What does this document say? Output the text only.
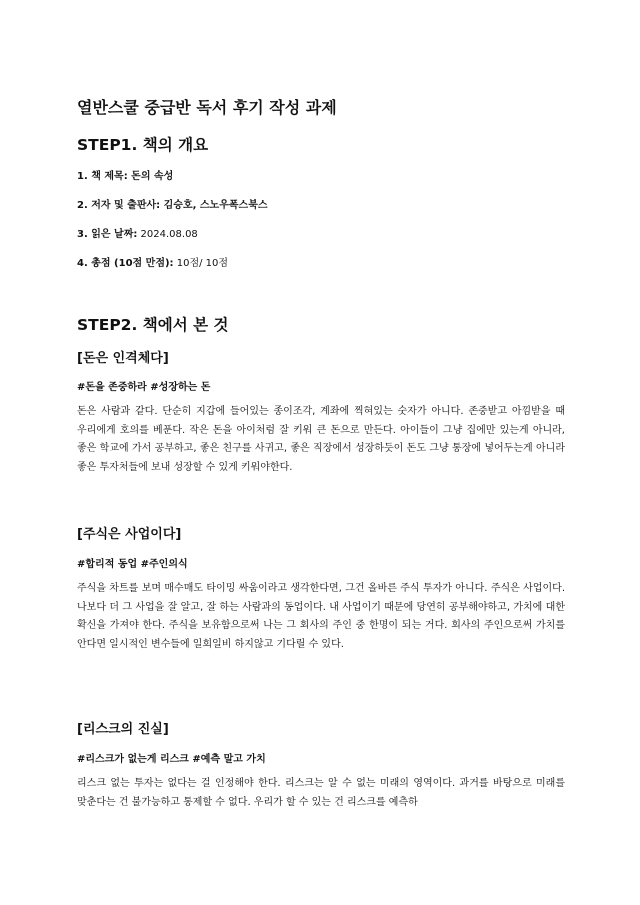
열반스쿨 중급반 독서 후기 작성 과제
STEP1. 책의 개요
1. 책 제목: 돈의 속성
2. 저자 및 출판사: 김승호, 스노우폭스북스
3. 읽은 날짜: 2024.08.08
4. 총점 (10점 만점): 10점/ 10점
STEP2. 책에서 본 것
[돈은 인격체다]
#돈을 존중하라 #성장하는 돈
돈은 사람과 같다. 단순히 지갑에 들어있는 종이조각, 계좌에 찍혀있는 숫자가 아니다. 존중받고 아낌받을 때 우리에게 호의를 베푼다. 작은 돈을 아이처럼 잘 키워 큰 돈으로 만든다. 아이들이 그냥 집에만 있는게 아니라, 좋은 학교에 가서 공부하고, 좋은 친구를 사귀고, 좋은 직장에서 성장하듯이 돈도 그냥 통장에 넣어두는게 아니라 좋은 투자처들에 보내 성장할 수 있게 키워야한다.
[주식은 사업이다]
#합리적 동업 #주인의식
주식을 차트를 보며 매수매도 타이밍 싸움이라고 생각한다면, 그건 올바른 주식 투자가 아니다. 주식은 사업이다. 나보다 더 그 사업을 잘 알고, 잘 하는 사람과의 동업이다. 내 사업이기 때문에 당연히 공부해야하고, 가치에 대한 확신을 가져야 한다. 주식을 보유함으로써 나는 그 회사의 주인 중 한명이 되는 거다. 회사의 주인으로써 가치를 안다면 일시적인 변수들에 일희일비 하지않고 기다릴 수 있다.
[리스크의 진실]
#리스크가 없는게 리스크 #예측 말고 가치
리스크 없는 투자는 없다는 걸 인정해야 한다. 리스크는 알 수 없는 미래의 영역이다. 과거를 바탕으로 미래를 맞춘다는 건 불가능하고 통제할 수 없다. 우리가 할 수 있는 건 리스크를 예측하
